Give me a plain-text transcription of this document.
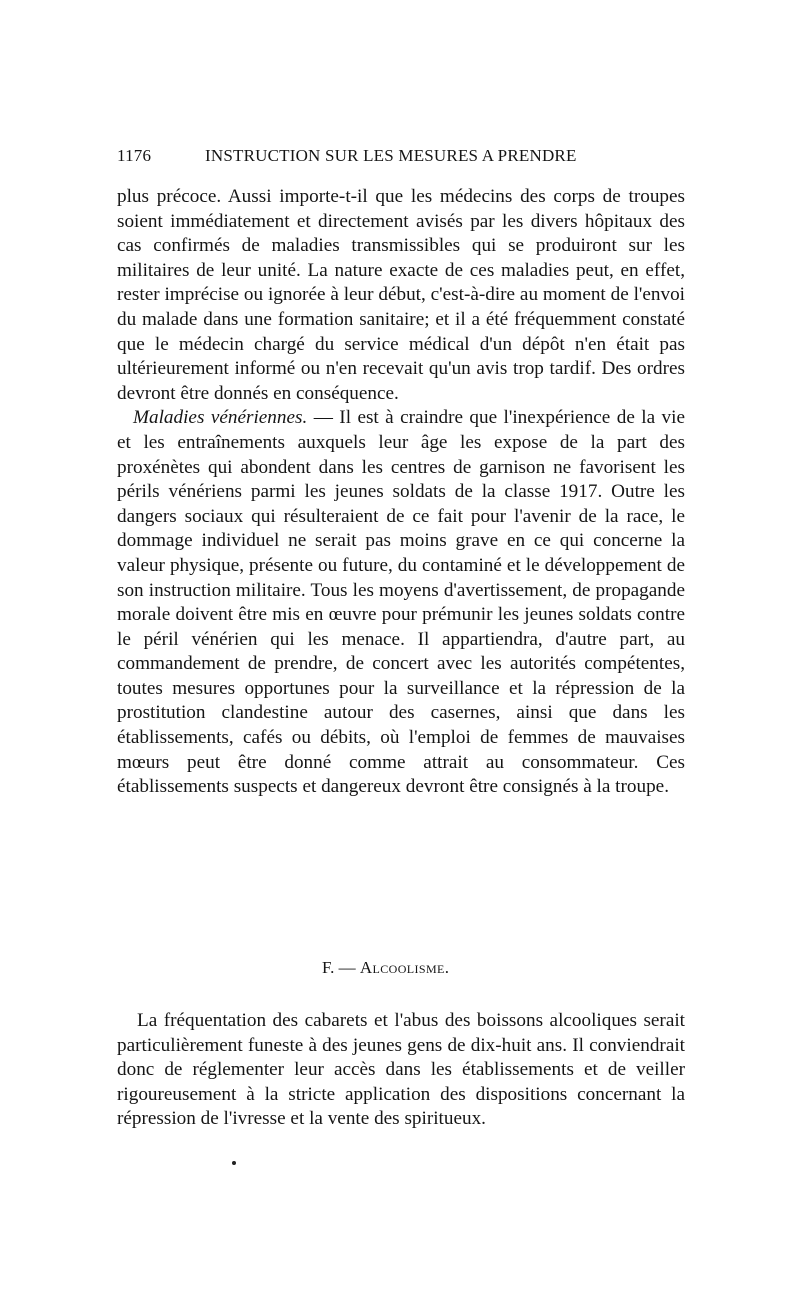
1176	INSTRUCTION SUR LES MESURES A PRENDRE

plus précoce. Aussi importe-t-il que les médecins des corps de troupes soient immédiatement et directement avisés par les divers hôpitaux des cas confirmés de maladies transmissibles qui se produiront sur les militaires de leur unité. La nature exacte de ces maladies peut, en effet, rester imprécise ou ignorée à leur début, c'est-à-dire au moment de l'envoi du malade dans une formation sanitaire; et il a été fréquemment constaté que le médecin chargé du service médical d'un dépôt n'en était pas ultérieurement informé ou n'en recevait qu'un avis trop tardif. Des ordres devront être donnés en conséquence.

Maladies vénériennes. — Il est à craindre que l'inexpérience de la vie et les entraînements auxquels leur âge les expose de la part des proxénètes qui abondent dans les centres de garnison ne favorisent les périls vénériens parmi les jeunes soldats de la classe 1917. Outre les dangers sociaux qui résulteraient de ce fait pour l'avenir de la race, le dommage individuel ne serait pas moins grave en ce qui concerne la valeur physique, présente ou future, du contaminé et le développement de son instruction militaire. Tous les moyens d'avertissement, de propagande morale doivent être mis en œuvre pour prémunir les jeunes soldats contre le péril vénérien qui les menace. Il appartiendra, d'autre part, au commandement de prendre, de concert avec les autorités compétentes, toutes mesures opportunes pour la surveillance et la répression de la prostitution clandestine autour des casernes, ainsi que dans les établissements, cafés ou débits, où l'emploi de femmes de mauvaises mœurs peut être donné comme attrait au consommateur. Ces établissements suspects et dangereux devront être consignés à la troupe.

F. — Alcoolisme.

La fréquentation des cabarets et l'abus des boissons alcooliques serait particulièrement funeste à des jeunes gens de dix-huit ans. Il conviendrait donc de réglementer leur accès dans les établissements et de veiller rigoureusement à la stricte application des dispositions concernant la répression de l'ivresse et la vente des spiritueux.
